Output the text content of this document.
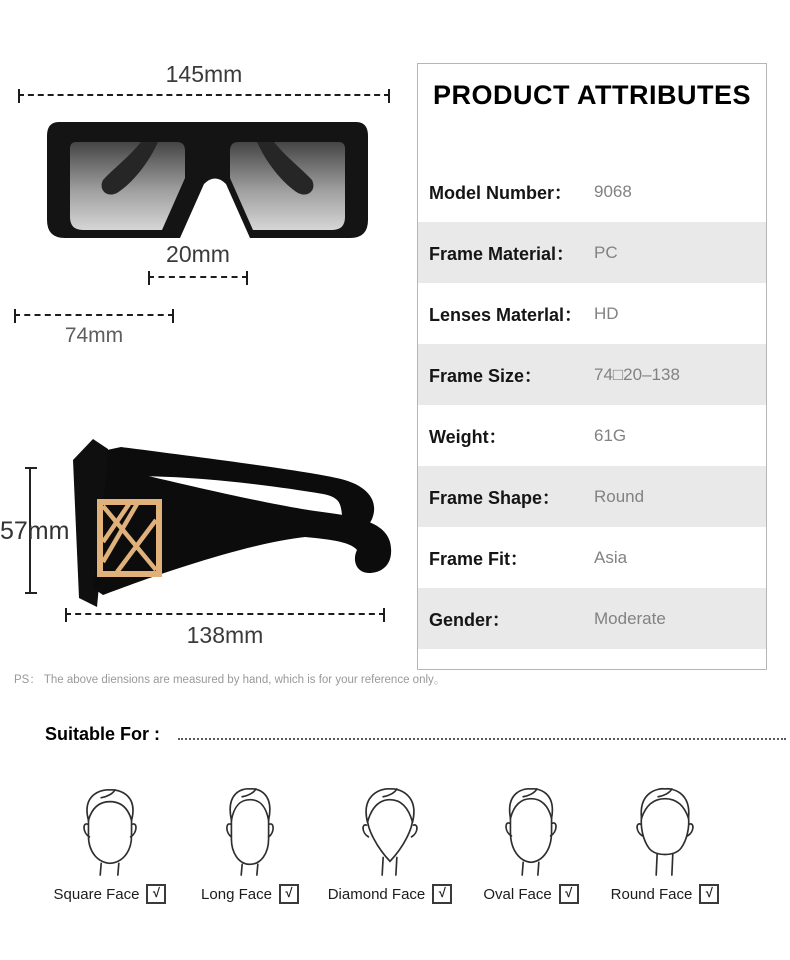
145mm
20mm
74mm
57mm
138mm
PS： The above diensions are measured by hand, which is for your reference only。
PRODUCT ATTRIBUTES
Model Number： 9068
Frame Material： PC
Lenses Materlal： HD
Frame Size：	74□20–138
Weight：	61G
Frame Shape： Round
Frame Fit：	Asia
Gender：	Moderate
Suitable For :
Square Face	√	Long Face	√	Diamond Face	√	Oval Face	√	Round Face	√
